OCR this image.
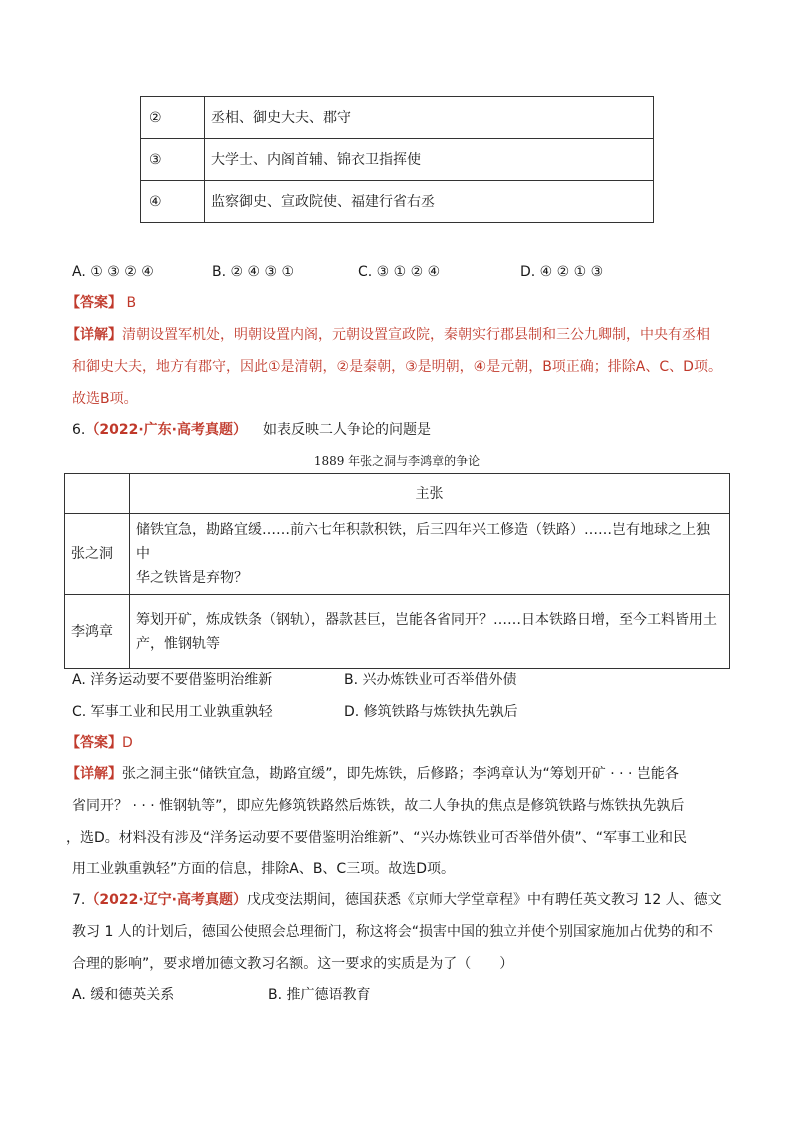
②	丞相、御史大夫、郡守
③	大学士、内阁首辅、锦衣卫指挥使
④	监察御史、宣政院使、福建行省右丞
A. ① ③ ② ④	B. ② ④ ③ ①	C. ③ ① ② ④	D. ④ ② ① ③
【答案】 B
【详解】清朝设置军机处，明朝设置内阁，元朝设置宣政院，秦朝实行郡县制和三公九卿制，中央有丞相
和御史大夫，地方有郡守，因此①是清朝，②是秦朝，③是明朝，④是元朝，B项正确；排除A、C、D项。
故选B项。
6.（2022·广东·高考真题） 如表反映二人争论的问题是
1889 年张之洞与李鸿章的争论
	主张
张之洞	储铁宜急，勘路宜缓……前六七年积款积铁，后三四年兴工修造（铁路）……岂有地球之上独中
华之铁皆是弃物？

李鸿章	筹划开矿，炼成铁条（钢轨），器款甚巨，岂能各省同开？……日本铁路日增，至今工料皆用土
产，惟钢轨等
A. 洋务运动要不要借鉴明治维新	B. 兴办炼铁业可否举借外债
C. 军事工业和民用工业孰重孰轻	D. 修筑铁路与炼铁执先孰后
【答案】D
【详解】张之洞主张“储铁宜急，勘路宜缓”，即先炼铁，后修路；李鸿章认为“筹划开矿 · · · 岂能各
省同开？ · · · 惟钢轨等”，即应先修筑铁路然后炼铁，故二人争执的焦点是修筑铁路与炼铁执先孰后
，选D。材料没有涉及“洋务运动要不要借鉴明治维新”、“兴办炼铁业可否举借外债”、“军事工业和民
用工业孰重孰轻”方面的信息，排除A、B、C三项。故选D项。
7.（2022·辽宁·高考真题）戊戌变法期间，德国获悉《京师大学堂章程》中有聘任英文教习 12 人、德文
教习 1 人的计划后，德国公使照会总理衙门，称这将会“损害中国的独立并使个别国家施加占优势的和不
合理的影响”，要求增加德文教习名额。这一要求的实质是为了（　　）
A. 缓和德英关系	B. 推广德语教育
